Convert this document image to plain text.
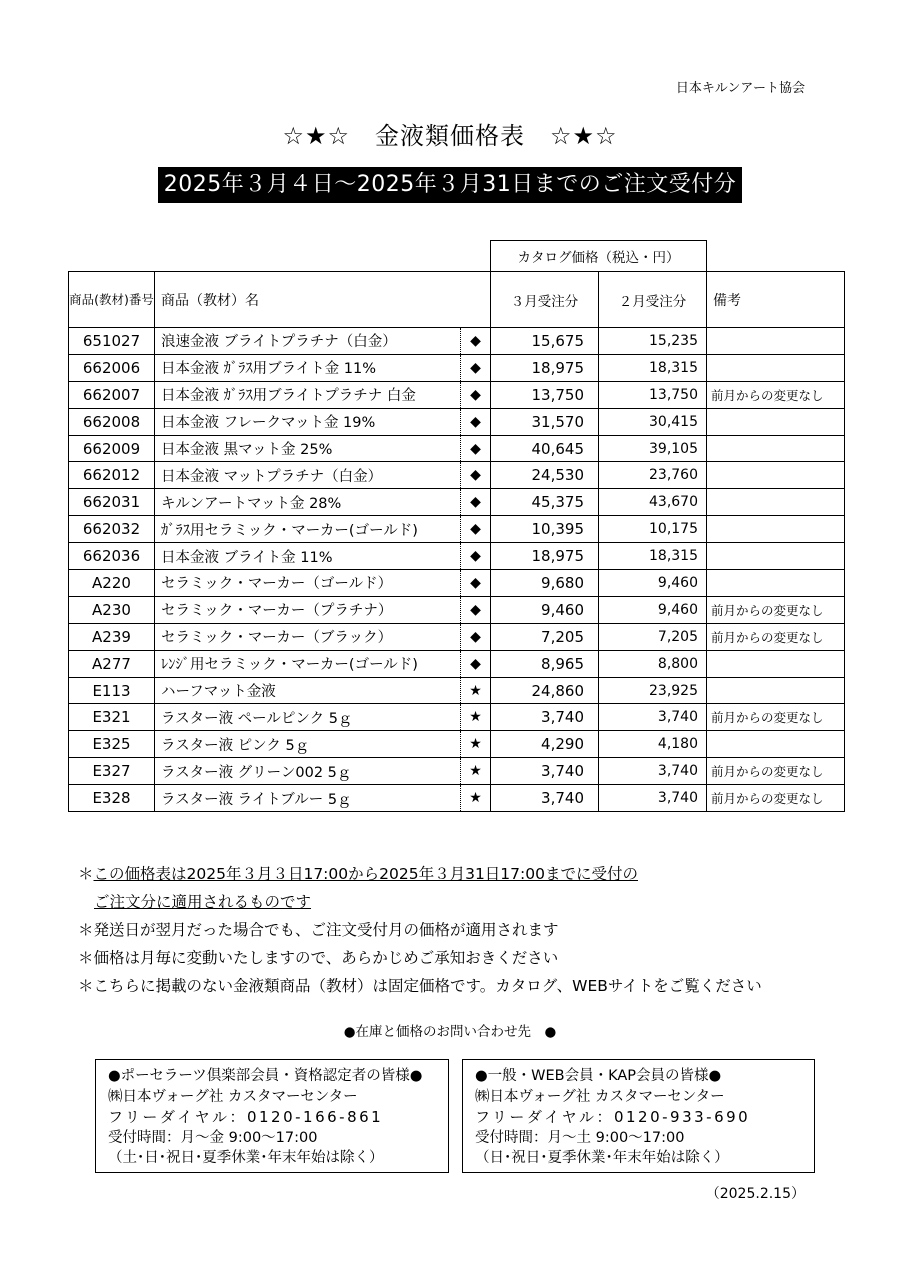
日本キルンアート協会
☆★☆　金液類価格表　☆★☆
2025年３月４日～2025年３月31日までのご注文受付分
			カタログ価格（税込・円）		
商品(教材)番号	商品（教材）名		３月受注分	２月受注分	備考
651027	浪速金液 ブライトプラチナ（白金）	◆	15,675	15,235	
662006	日本金液 ｶﾞﾗｽ用ブライト金 11%	◆	18,975	18,315	
662007	日本金液 ｶﾞﾗｽ用ブライトプラチナ 白金	◆	13,750	13,750	前月からの変更なし
662008	日本金液 フレークマット金 19%	◆	31,570	30,415	
662009	日本金液 黒マット金 25%	◆	40,645	39,105	
662012	日本金液 マットプラチナ（白金）	◆	24,530	23,760	
662031	キルンアートマット金 28%	◆	45,375	43,670	
662032	ｶﾞﾗｽ用セラミック・マーカー(ゴールド)	◆	10,395	10,175	
662036	日本金液 ブライト金 11%	◆	18,975	18,315	
A220	セラミック・マーカー（ゴールド）	◆	9,680	9,460	
A230	セラミック・マーカー（プラチナ）	◆	9,460	9,460	前月からの変更なし
A239	セラミック・マーカー（ブラック）	◆	7,205	7,205	前月からの変更なし
A277	ﾚﾝｼﾞ用セラミック・マーカー(ゴールド)	◆	8,965	8,800	
E113	ハーフマット金液	★	24,860	23,925	
E321	ラスター液 ペールピンク 5ｇ	★	3,740	3,740	前月からの変更なし
E325	ラスター液 ピンク 5ｇ	★	4,290	4,180	
E327	ラスター液 グリーン002 5ｇ	★	3,740	3,740	前月からの変更なし
E328	ラスター液 ライトブルー 5ｇ	★	3,740	3,740	前月からの変更なし
＊この価格表は2025年３月３日17:00から2025年３月31日17:00までに受付の
ご注文分に適用されるものです
＊発送日が翌月だった場合でも、ご注文受付月の価格が適用されます
＊価格は月毎に変動いたしますので、あらかじめご承知おきください
＊こちらに掲載のない金液類商品（教材）は固定価格です。カタログ、WEBサイトをご覧ください
●在庫と価格のお問い合わせ先　●
●ポーセラーツ倶楽部会員・資格認定者の皆様●
㈱日本ヴォーグ社 カスタマーセンター
フリーダイヤル：0120-166-861
受付時間：月～金 9:00～17:00
（土･日･祝日･夏季休業･年末年始は除く）
●一般・WEB会員・KAP会員の皆様●
㈱日本ヴォーグ社 カスタマーセンター
フリーダイヤル：0120-933-690
受付時間：月～土 9:00～17:00
（日･祝日･夏季休業･年末年始は除く）
（2025.2.15）
